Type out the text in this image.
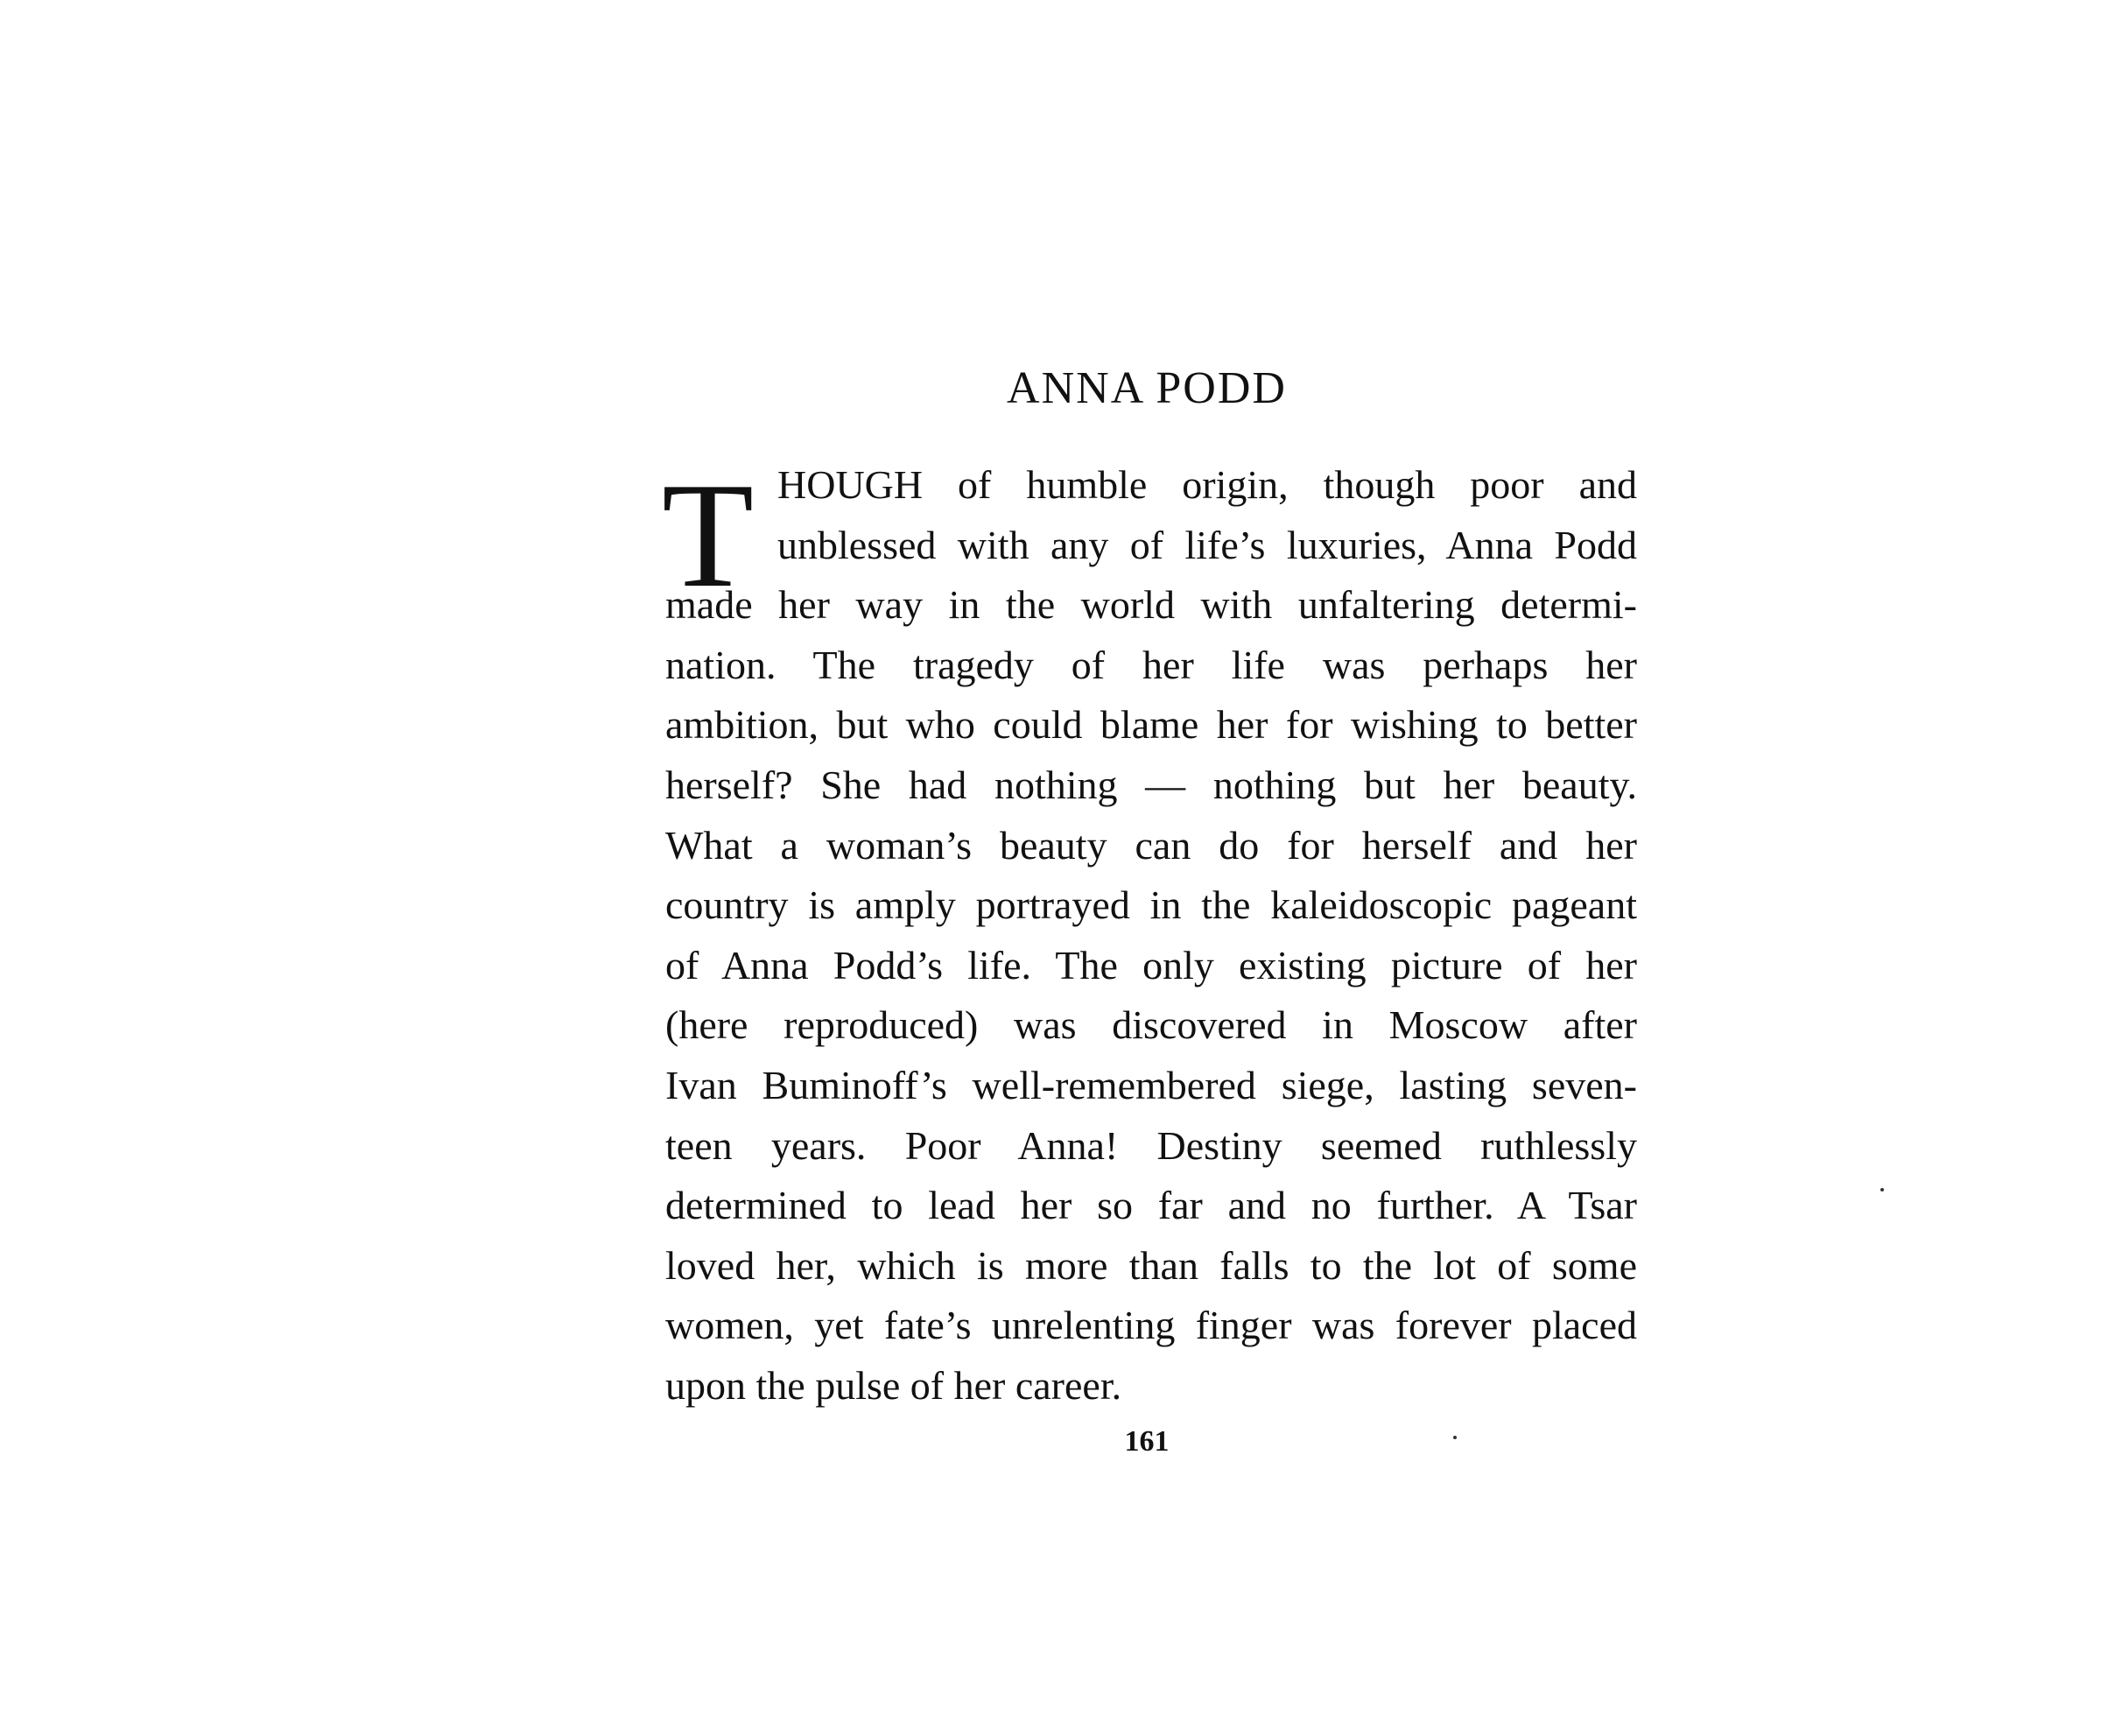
ANNA PODD
T HOUGH of humble origin, though poor and
unblessed with any of life’s luxuries, Anna Podd
made her way in the world with unfaltering determi-
nation. The tragedy of her life was perhaps her
ambition, but who could blame her for wishing to better
herself? She had nothing — nothing but her beauty.
What a woman’s beauty can do for herself and her
country is amply portrayed in the kaleidoscopic pageant
of Anna Podd’s life. The only existing picture of her
(here reproduced) was discovered in Moscow after
Ivan Buminoff’s well-remembered siege, lasting seven-
teen years. Poor Anna! Destiny seemed ruthlessly
determined to lead her so far and no further. A Tsar
loved her, which is more than falls to the lot of some
women, yet fate’s unrelenting finger was forever placed
upon the pulse of her career.
161
